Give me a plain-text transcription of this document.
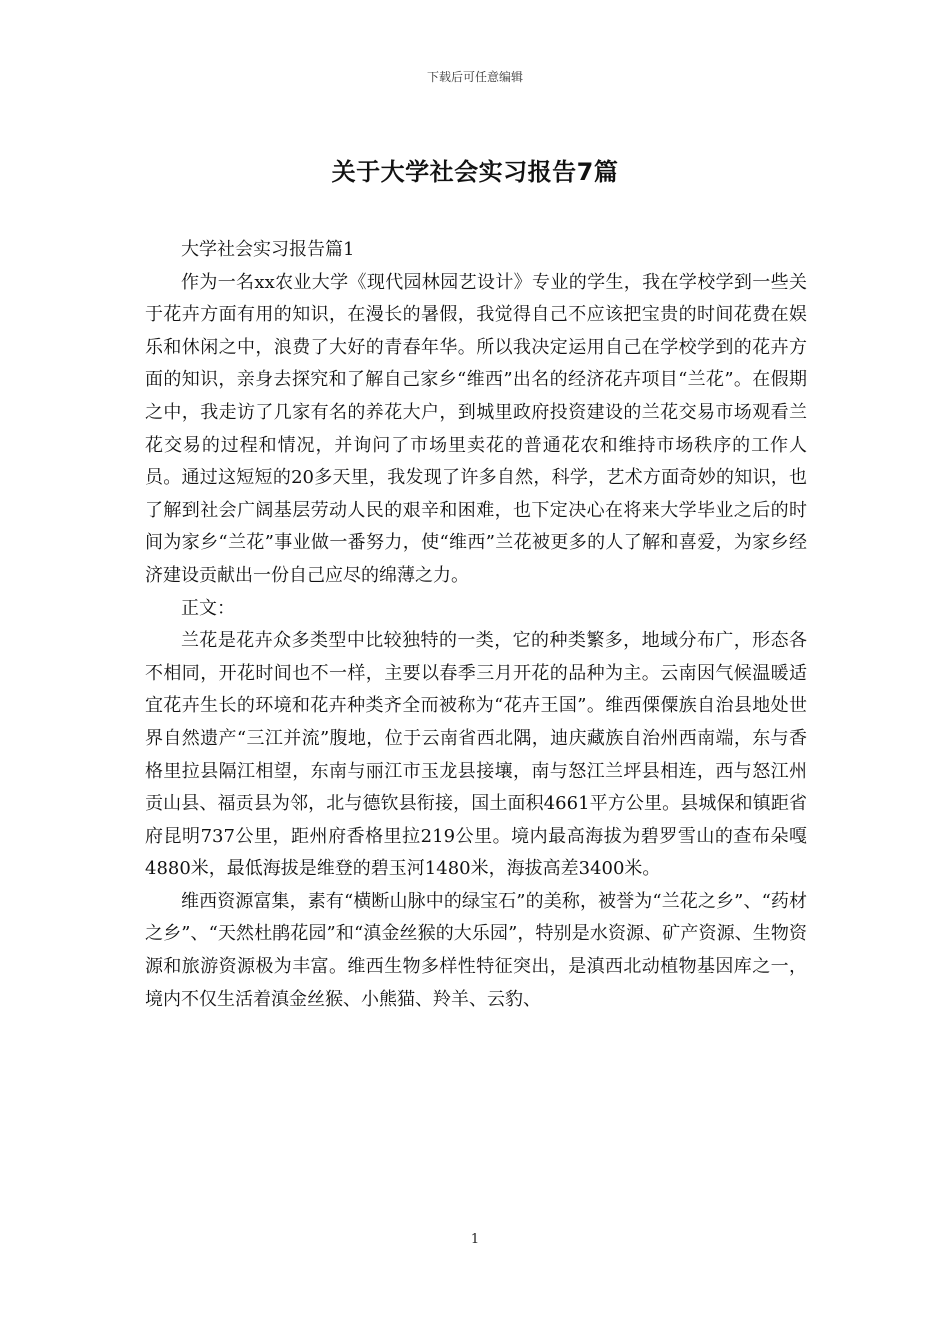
下载后可任意编辑
关于大学社会实习报告7篇

大学社会实习报告篇1

作为一名xx农业大学《现代园林园艺设计》专业的学生，我在学校学到一些关于花卉方面有用的知识，在漫长的暑假，我觉得自己不应该把宝贵的时间花费在娱乐和休闲之中，浪费了大好的青春年华。所以我决定运用自己在学校学到的花卉方面的知识，亲身去探究和了解自己家乡“维西”出名的经济花卉项目“兰花”。在假期之中，我走访了几家有名的养花大户，到城里政府投资建设的兰花交易市场观看兰花交易的过程和情况，并询问了市场里卖花的普通花农和维持市场秩序的工作人员。通过这短短的20多天里，我发现了许多自然，科学，艺术方面奇妙的知识，也了解到社会广阔基层劳动人民的艰辛和困难，也下定决心在将来大学毕业之后的时间为家乡“兰花”事业做一番努力，使“维西”兰花被更多的人了解和喜爱，为家乡经济建设贡献出一份自己应尽的绵薄之力。

正文：

兰花是花卉众多类型中比较独特的一类，它的种类繁多，地域分布广，形态各不相同，开花时间也不一样，主要以春季三月开花的品种为主。云南因气候温暖适宜花卉生长的环境和花卉种类齐全而被称为“花卉王国”。维西傈僳族自治县地处世界自然遗产“三江并流”腹地，位于云南省西北隅，迪庆藏族自治州西南端，东与香格里拉县隔江相望，东南与丽江市玉龙县接壤，南与怒江兰坪县相连，西与怒江州贡山县、福贡县为邻，北与德钦县衔接，国土面积4661平方公里。县城保和镇距省府昆明737公里，距州府香格里拉219公里。境内最高海拔为碧罗雪山的查布朵嘎4880米，最低海拔是维登的碧玉河1480米，海拔高差3400米。

维西资源富集，素有“横断山脉中的绿宝石”的美称，被誉为“兰花之乡”、“药材之乡”、“天然杜鹃花园”和“滇金丝猴的大乐园”，特别是水资源、矿产资源、生物资源和旅游资源极为丰富。维西生物多样性特征突出，是滇西北动植物基因库之一，境内不仅生活着滇金丝猴、小熊猫、羚羊、云豹、

1
